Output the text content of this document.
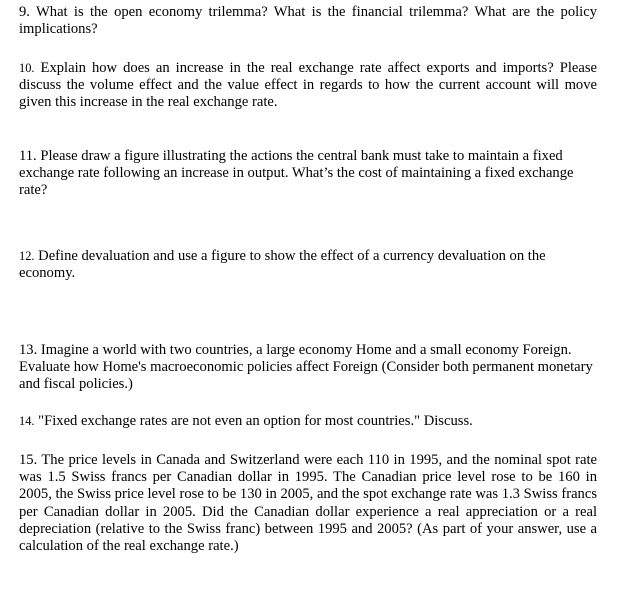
9. What is the open economy trilemma? What is the financial trilemma? What are the policy implications?

10. Explain how does an increase in the real exchange rate affect exports and imports? Please discuss the volume effect and the value effect in regards to how the current account will move given this increase in the real exchange rate.

11. Please draw a figure illustrating the actions the central bank must take to maintain a fixed exchange rate following an increase in output. What’s the cost of maintaining a fixed exchange rate?

12. Define devaluation and use a figure to show the effect of a currency devaluation on the economy.

13. Imagine a world with two countries, a large economy Home and a small economy Foreign. Evaluate how Home's macroeconomic policies affect Foreign (Consider both permanent monetary and fiscal policies.)

14. "Fixed exchange rates are not even an option for most countries." Discuss.

15. The price levels in Canada and Switzerland were each 110 in 1995, and the nominal spot rate was 1.5 Swiss francs per Canadian dollar in 1995. The Canadian price level rose to be 160 in 2005, the Swiss price level rose to be 130 in 2005, and the spot exchange rate was 1.3 Swiss francs per Canadian dollar in 2005. Did the Canadian dollar experience a real appreciation or a real depreciation (relative to the Swiss franc) between 1995 and 2005? (As part of your answer, use a calculation of the real exchange rate.)
